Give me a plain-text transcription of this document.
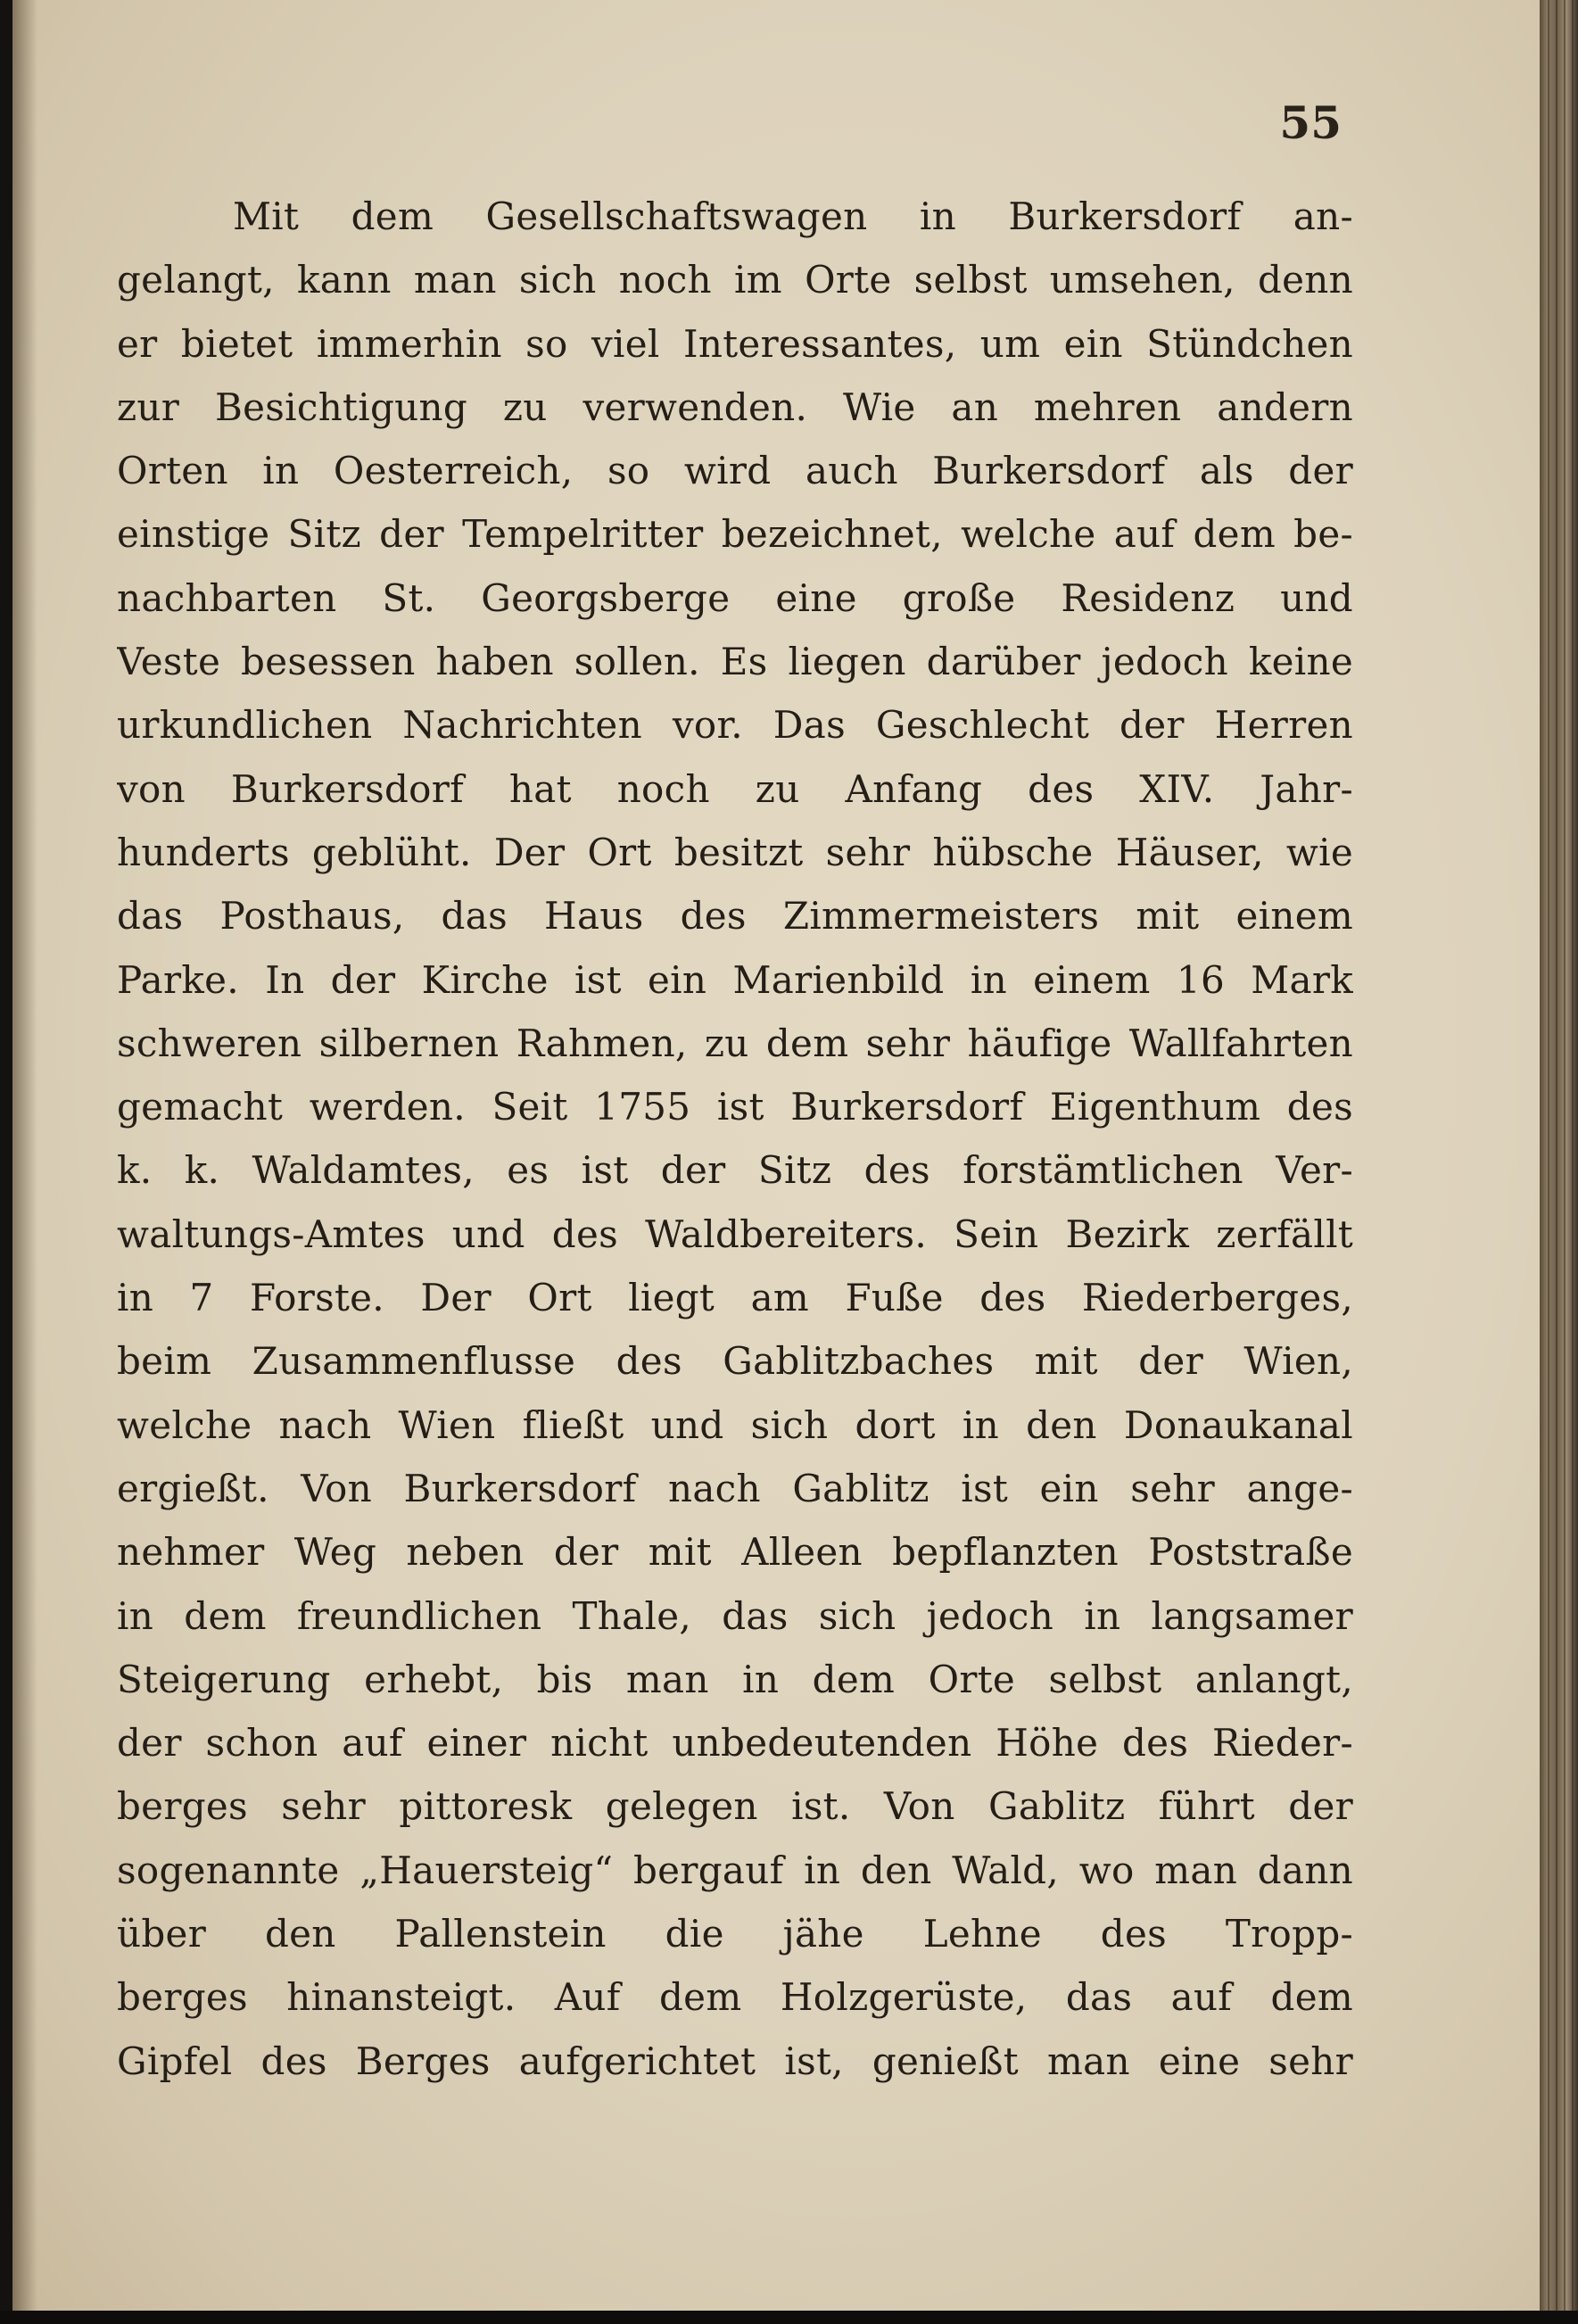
55
Mit dem Gesellschaftswagen in Burkersdorf an-
gelangt, kann man sich noch im Orte selbst umsehen, denn
er bietet immerhin so viel Interessantes, um ein Stündchen
zur Besichtigung zu verwenden. Wie an mehren andern
Orten in Oesterreich, so wird auch Burkersdorf als der
einstige Sitz der Tempelritter bezeichnet, welche auf dem be-
nachbarten St. Georgsberge eine große Residenz und
Veste besessen haben sollen. Es liegen darüber jedoch keine
urkundlichen Nachrichten vor. Das Geschlecht der Herren
von Burkersdorf hat noch zu Anfang des XIV. Jahr-
hunderts geblüht. Der Ort besitzt sehr hübsche Häuser, wie
das Posthaus, das Haus des Zimmermeisters mit einem
Parke. In der Kirche ist ein Marienbild in einem 16 Mark
schweren silbernen Rahmen, zu dem sehr häufige Wallfahrten
gemacht werden. Seit 1755 ist Burkersdorf Eigenthum des
k. k. Waldamtes, es ist der Sitz des forstämtlichen Ver-
waltungs-Amtes und des Waldbereiters. Sein Bezirk zerfällt
in 7 Forste. Der Ort liegt am Fuße des Riederberges,
beim Zusammenflusse des Gablitzbaches mit der Wien,
welche nach Wien fließt und sich dort in den Donaukanal
ergießt. Von Burkersdorf nach Gablitz ist ein sehr ange-
nehmer Weg neben der mit Alleen bepflanzten Poststraße
in dem freundlichen Thale, das sich jedoch in langsamer
Steigerung erhebt, bis man in dem Orte selbst anlangt,
der schon auf einer nicht unbedeutenden Höhe des Rieder-
berges sehr pittoresk gelegen ist. Von Gablitz führt der
sogenannte „Hauersteig“ bergauf in den Wald, wo man dann
über den Pallenstein die jähe Lehne des Tropp-
berges hinansteigt. Auf dem Holzgerüste, das auf dem
Gipfel des Berges aufgerichtet ist, genießt man eine sehr
